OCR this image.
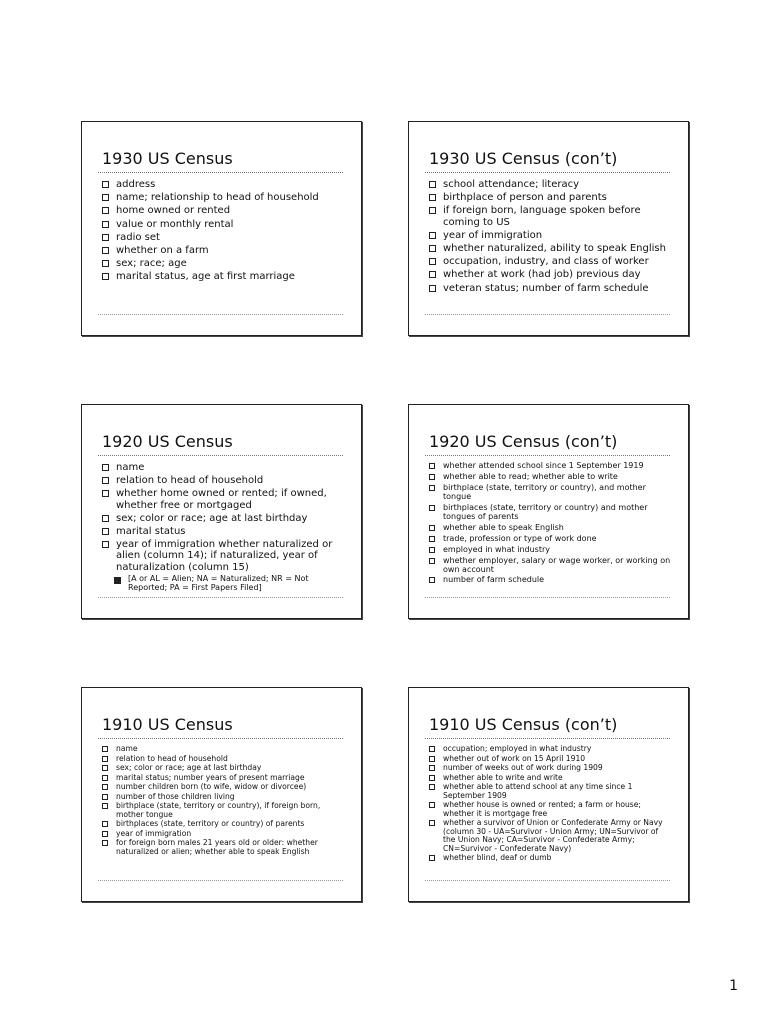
1930 US Census
address
name; relationship to head of household
home owned or rented
value or monthly rental
radio set
whether on a farm
sex; race; age
marital status, age at first marriage
1930 US Census (con’t)
school attendance; literacy
birthplace of person and parents
if foreign born, language spoken before coming to US
year of immigration
whether naturalized, ability to speak English
occupation, industry, and class of worker
whether at work (had job) previous day
veteran status; number of farm schedule
1920 US Census
name
relation to head of household
whether home owned or rented; if owned, whether free or mortgaged
sex; color or race; age at last birthday
marital status
year of immigration whether naturalized or alien (column 14); if naturalized, year of naturalization (column 15)
[A or AL = Alien; NA = Naturalized; NR = Not Reported; PA = First Papers Filed]
1920 US Census (con’t)
whether attended school since 1 September 1919
whether able to read; whether able to write
birthplace (state, territory or country), and mother tongue
birthplaces (state, territory or country) and mother tongues of parents
whether able to speak English
trade, profession or type of work done
employed in what industry
whether employer, salary or wage worker, or working on own account
number of farm schedule
1910 US Census
name
relation to head of household
sex; color or race; age at last birthday
marital status; number years of present marriage
number children born (to wife, widow or divorcee)
number of those children living
birthplace (state, territory or country), if foreign born, mother tongue
birthplaces (state, territory or country) of parents
year of immigration
for foreign born males 21 years old or older: whether naturalized or alien; whether able to speak English
1910 US Census (con’t)
occupation; employed in what industry
whether out of work on 15 April 1910
number of weeks out of work during 1909
whether able to write and write
whether able to attend school at any time since 1 September 1909
whether house is owned or rented; a farm or house; whether it is mortgage free
whether a survivor of Union or Confederate Army or Navy (column 30 - UA=Survivor - Union Army; UN=Survivor of the Union Navy; CA=Survivor - Confederate Army; CN=Survivor - Confederate Navy)
whether blind, deaf or dumb
1
